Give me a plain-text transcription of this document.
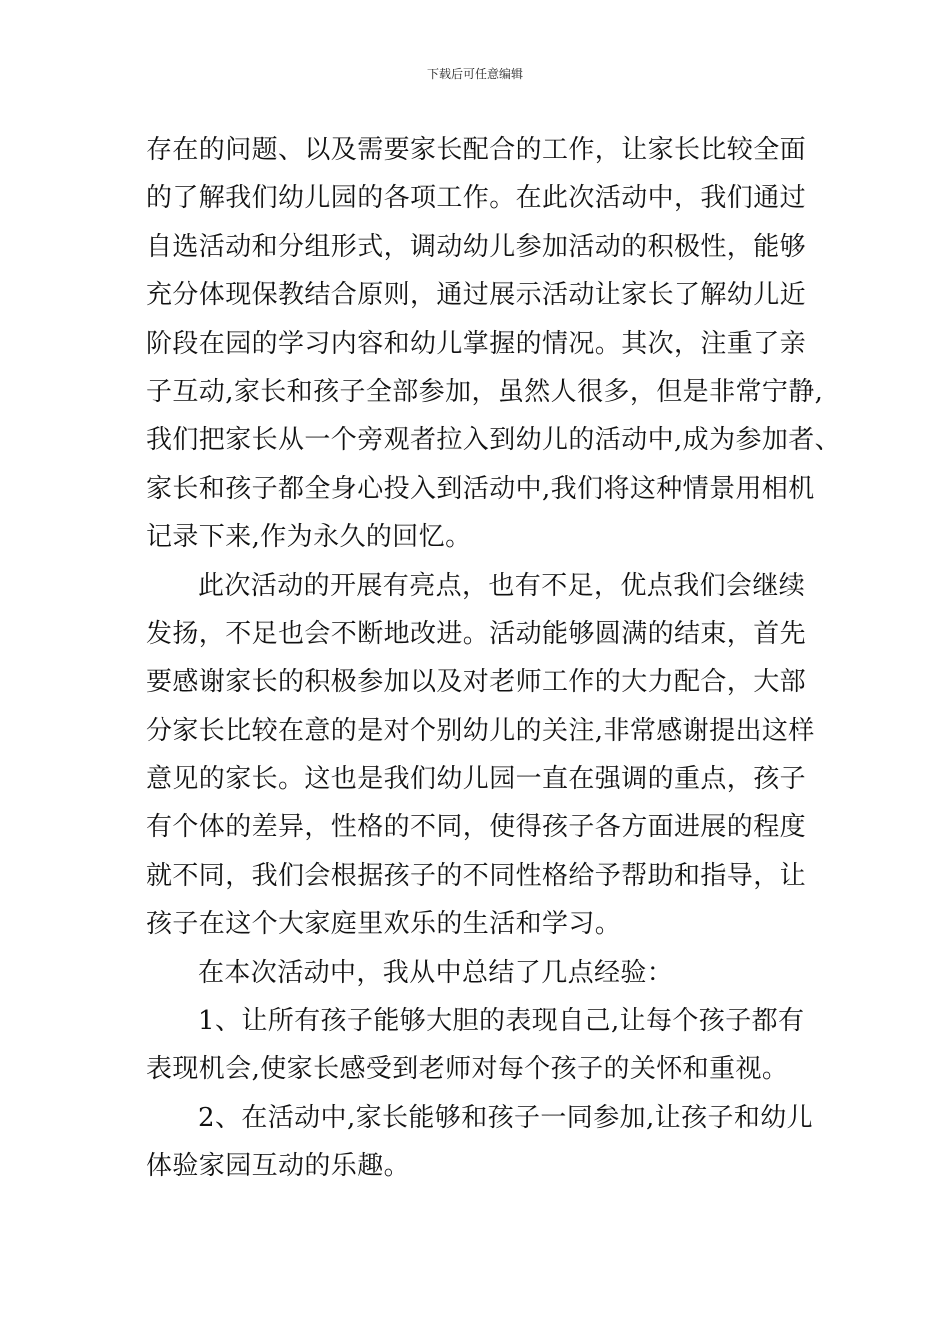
下载后可任意编辑
存在的问题、以及需要家长配合的工作，让家长比较全面
的了解我们幼儿园的各项工作。在此次活动中，我们通过
自选活动和分组形式，调动幼儿参加活动的积极性，能够
充分体现保教结合原则，通过展示活动让家长了解幼儿近
阶段在园的学习内容和幼儿掌握的情况。其次，注重了亲
子互动,家长和孩子全部参加，虽然人很多，但是非常宁静,
我们把家长从一个旁观者拉入到幼儿的活动中,成为参加者、
家长和孩子都全身心投入到活动中,我们将这种情景用相机
记录下来,作为永久的回忆。
此次活动的开展有亮点，也有不足，优点我们会继续
发扬，不足也会不断地改进。活动能够圆满的结束，首先
要感谢家长的积极参加以及对老师工作的大力配合，大部
分家长比较在意的是对个别幼儿的关注,非常感谢提出这样
意见的家长。这也是我们幼儿园一直在强调的重点，孩子
有个体的差异，性格的不同，使得孩子各方面进展的程度
就不同，我们会根据孩子的不同性格给予帮助和指导，让
孩子在这个大家庭里欢乐的生活和学习。
在本次活动中，我从中总结了几点经验：
1、让所有孩子能够大胆的表现自己,让每个孩子都有
表现机会,使家长感受到老师对每个孩子的关怀和重视。
2、在活动中,家长能够和孩子一同参加,让孩子和幼儿
体验家园互动的乐趣。
